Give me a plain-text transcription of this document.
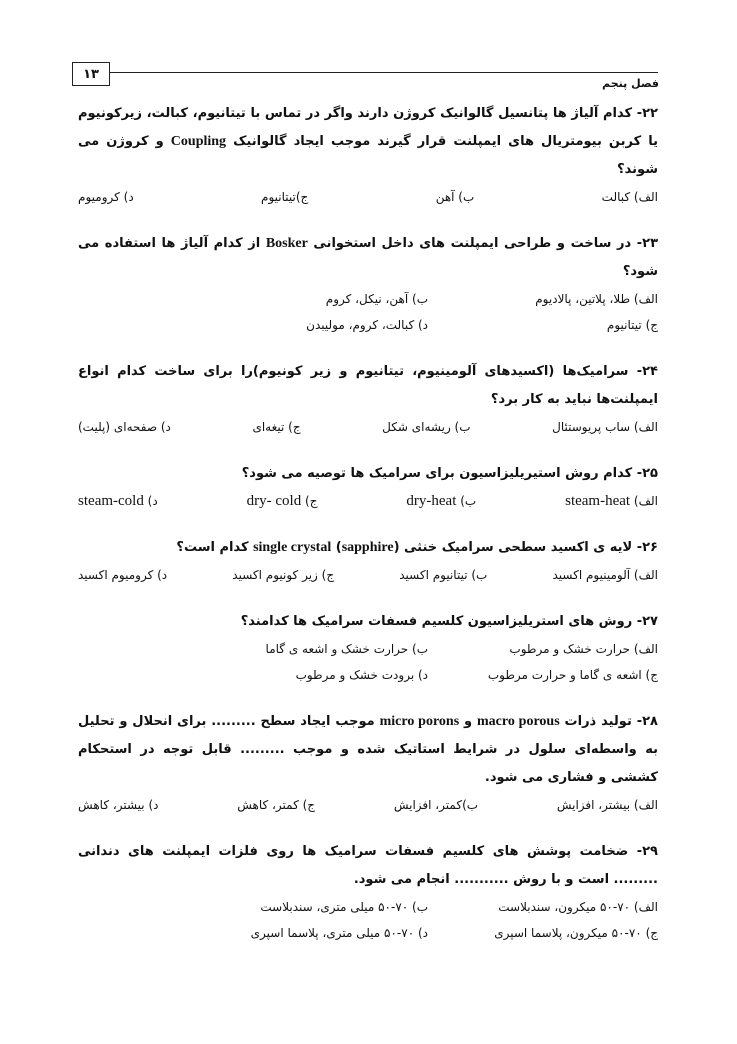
۱۳
فصل پنجم
۲۲- کدام آلیاژ ها پتانسیل گالوانیک کروژن دارند واگر در تماس با تیتانیوم، کبالت، زیرکونیوم یا کربن بیومتریال های ایمپلنت قرار گیرند موجب ایجاد گالوانیک Coupling و کروژن می شوند؟
الف) کبالت
ب) آهن
ج)تیتانیوم
د) کرومیوم
۲۳- در ساخت و طراحی ایمپلنت های داخل استخوانی Bosker از کدام آلیاژ ها استفاده می شود؟
الف) طلا، پلاتین، پالادیوم
ب) آهن، نیکل، کروم
ج) تیتانیوم
د) کبالت، کروم، مولیبدن
۲۴- سرامیک‌ها (اکسیدهای آلومینیوم، تیتانیوم و زیر کونیوم)را برای ساخت کدام انواع ایمپلنت‌ها نباید به کار برد؟
الف) ساب پریوستئال
ب) ریشه‌ای شکل
ج) تیغه‌ای
د) صفحه‌ای (پلیت)
۲۵- کدام روش استیریلیزاسیون برای سرامیک ها توصیه می شود؟
الف) steam-heat
ب) dry-heat
ج) dry- cold
د) steam-cold
۲۶- لایه ی اکسید سطحی سرامیک خنثی (sapphire) single crystal کدام است؟
الف) آلومینیوم اکسید
ب) تیتانیوم اکسید
ج) زیر کونیوم اکسید
د) کرومیوم اکسید
۲۷- روش های استریلیزاسیون کلسیم فسفات سرامیک ها کدامند؟
الف) حرارت خشک و مرطوب
ب) حرارت خشک و اشعه ی گاما
ج) اشعه ی گاما و حرارت مرطوب
د) برودت خشک و مرطوب
۲۸- تولید ذرات macro porous و micro porons موجب ایجاد سطح ......... برای انحلال و تحلیل به واسطه‌ای سلول در شرایط استاتیک شده و موجب ......... قابل توجه در استحکام کششی و فشاری می شود.
الف) بیشتر، افزایش
ب)کمتر، افزایش
ج) کمتر، کاهش
د) بیشتر، کاهش
۲۹- ضخامت پوشش های کلسیم فسفات سرامیک ها روی فلزات ایمپلنت های دندانی ......... است و با روش ........... انجام می شود.
الف) ۷۰-۵۰ میکرون، سندبلاست
ب) ۷۰-۵۰ میلی متری، سندبلاست
ج) ۷۰-۵۰ میکرون، پلاسما اسپری
د) ۷۰-۵۰ میلی متری، پلاسما اسپری
